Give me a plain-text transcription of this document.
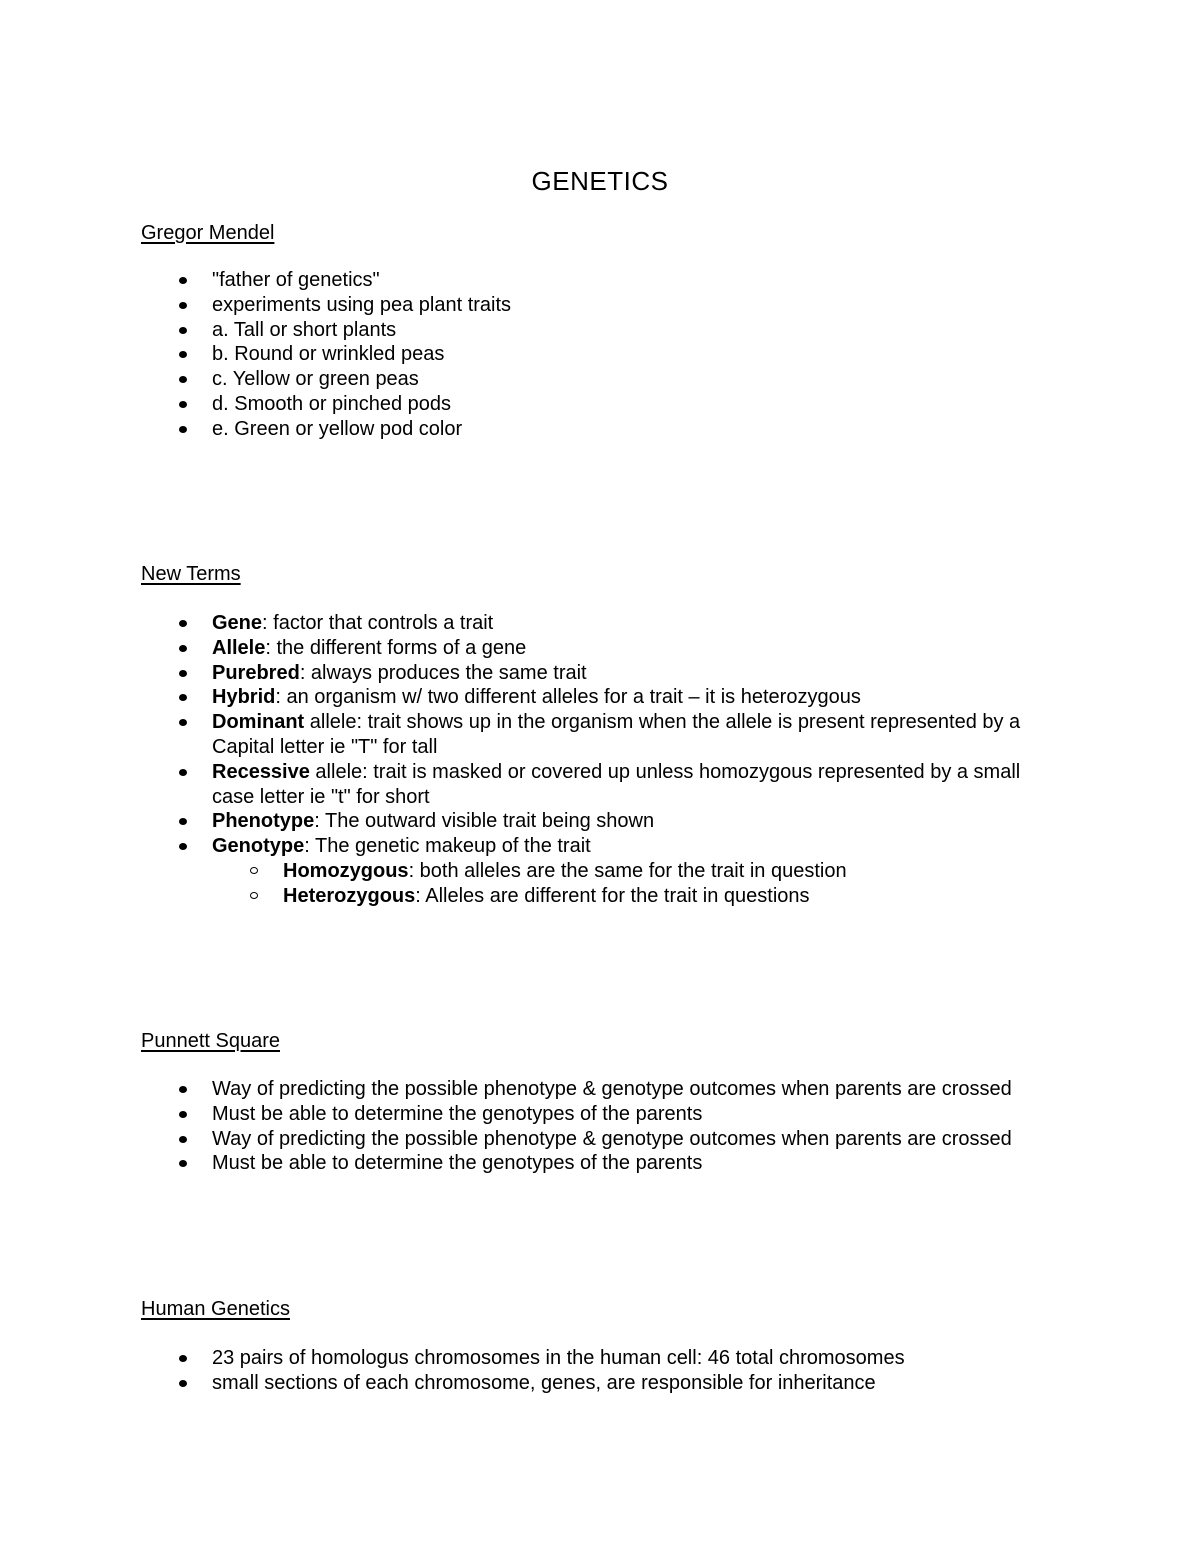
GENETICS
Gregor Mendel
"father of genetics"
experiments using pea plant traits
a. Tall or short plants
b. Round or wrinkled peas
c. Yellow or green peas
d. Smooth or pinched pods
e. Green or yellow pod color
New Terms
Gene: factor that controls a trait
Allele: the different forms of a gene
Purebred: always produces the same trait
Hybrid: an organism w/ two different alleles for a trait – it is heterozygous
Dominant allele: trait shows up in the organism when the allele is present represented by a Capital letter ie "T" for tall
Recessive allele: trait is masked or covered up unless homozygous represented by a small case letter ie "t" for short
Phenotype: The outward visible trait being shown
Genotype: The genetic makeup of the trait
Homozygous: both alleles are the same for the trait in question
Heterozygous: Alleles are different for the trait in questions
Punnett Square
Way of predicting the possible phenotype & genotype outcomes when parents are crossed
Must be able to determine the genotypes of the parents
Way of predicting the possible phenotype & genotype outcomes when parents are crossed
Must be able to determine the genotypes of the parents
Human Genetics
23 pairs of homologus chromosomes in the human cell: 46 total chromosomes
small sections of each chromosome, genes, are responsible for inheritance
